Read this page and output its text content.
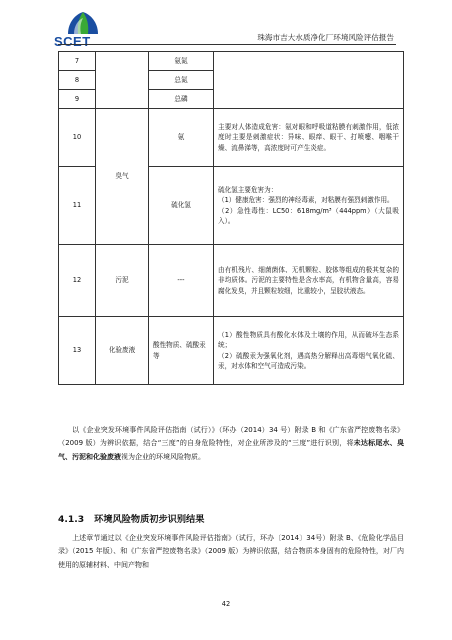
SCET	珠海市吉大水质净化厂环境风险评估报告
7		氨氮	
8		总氮	
9		总磷	
10	臭气	氨	主要对人体造成危害：氨对眼和呼吸道粘膜有刺激作用，低浓度时主要是刺激症状：异味、眼痒、眼干、打喷嚏、咽喉干燥、流鼻涕等，高浓度时可产生炎症。

11		硫化氢	硫化氢主要危害为：

（1）健康危害：强烈的神经毒素，对粘膜有强烈刺激作用。

（2）急性毒性：LC50：618mg/m³（444ppm）（大鼠吸入）。

12	污泥	---	由有机残片、细菌菌体、无机颗粒、胶体等组成的极其复杂的非均质体。污泥的主要特性是含水率高，有机物含量高，容易腐化发臭，并且颗粒较细，比重较小，呈胶状液态。

13	化验废液	酸性物质、硫酸汞等	（1）酸性物质具有酸化水体及土壤的作用，从而破坏生态系统；

（2）硫酸汞为强氧化剂，遇高热分解释出高毒烟气氧化硫、汞，对水体和空气可造成污染。

以《企业突发环境事件风险评估指南（试行）》（环办（2014）34 号）附录 B 和《广东省严控废物名录》（2009 版）为辨识依据，结合“三度”的自身危险特性，对企业所涉及的“三度”进行识别，将未达标尾水、臭气、污泥和化验废液视为企业的环境风险物质。
4.1.3 环境风险物质初步识别结果
上述章节通过以《企业突发环境事件风险评估指南》（试行，环办〔2014〕34号）附录 B、《危险化学品目录》（2015 年版）、和《广东省严控废物名录》（2009 版）为辨识依据，结合物质本身固有的危险特性，对厂内使用的原辅材料、中间产物和
42
